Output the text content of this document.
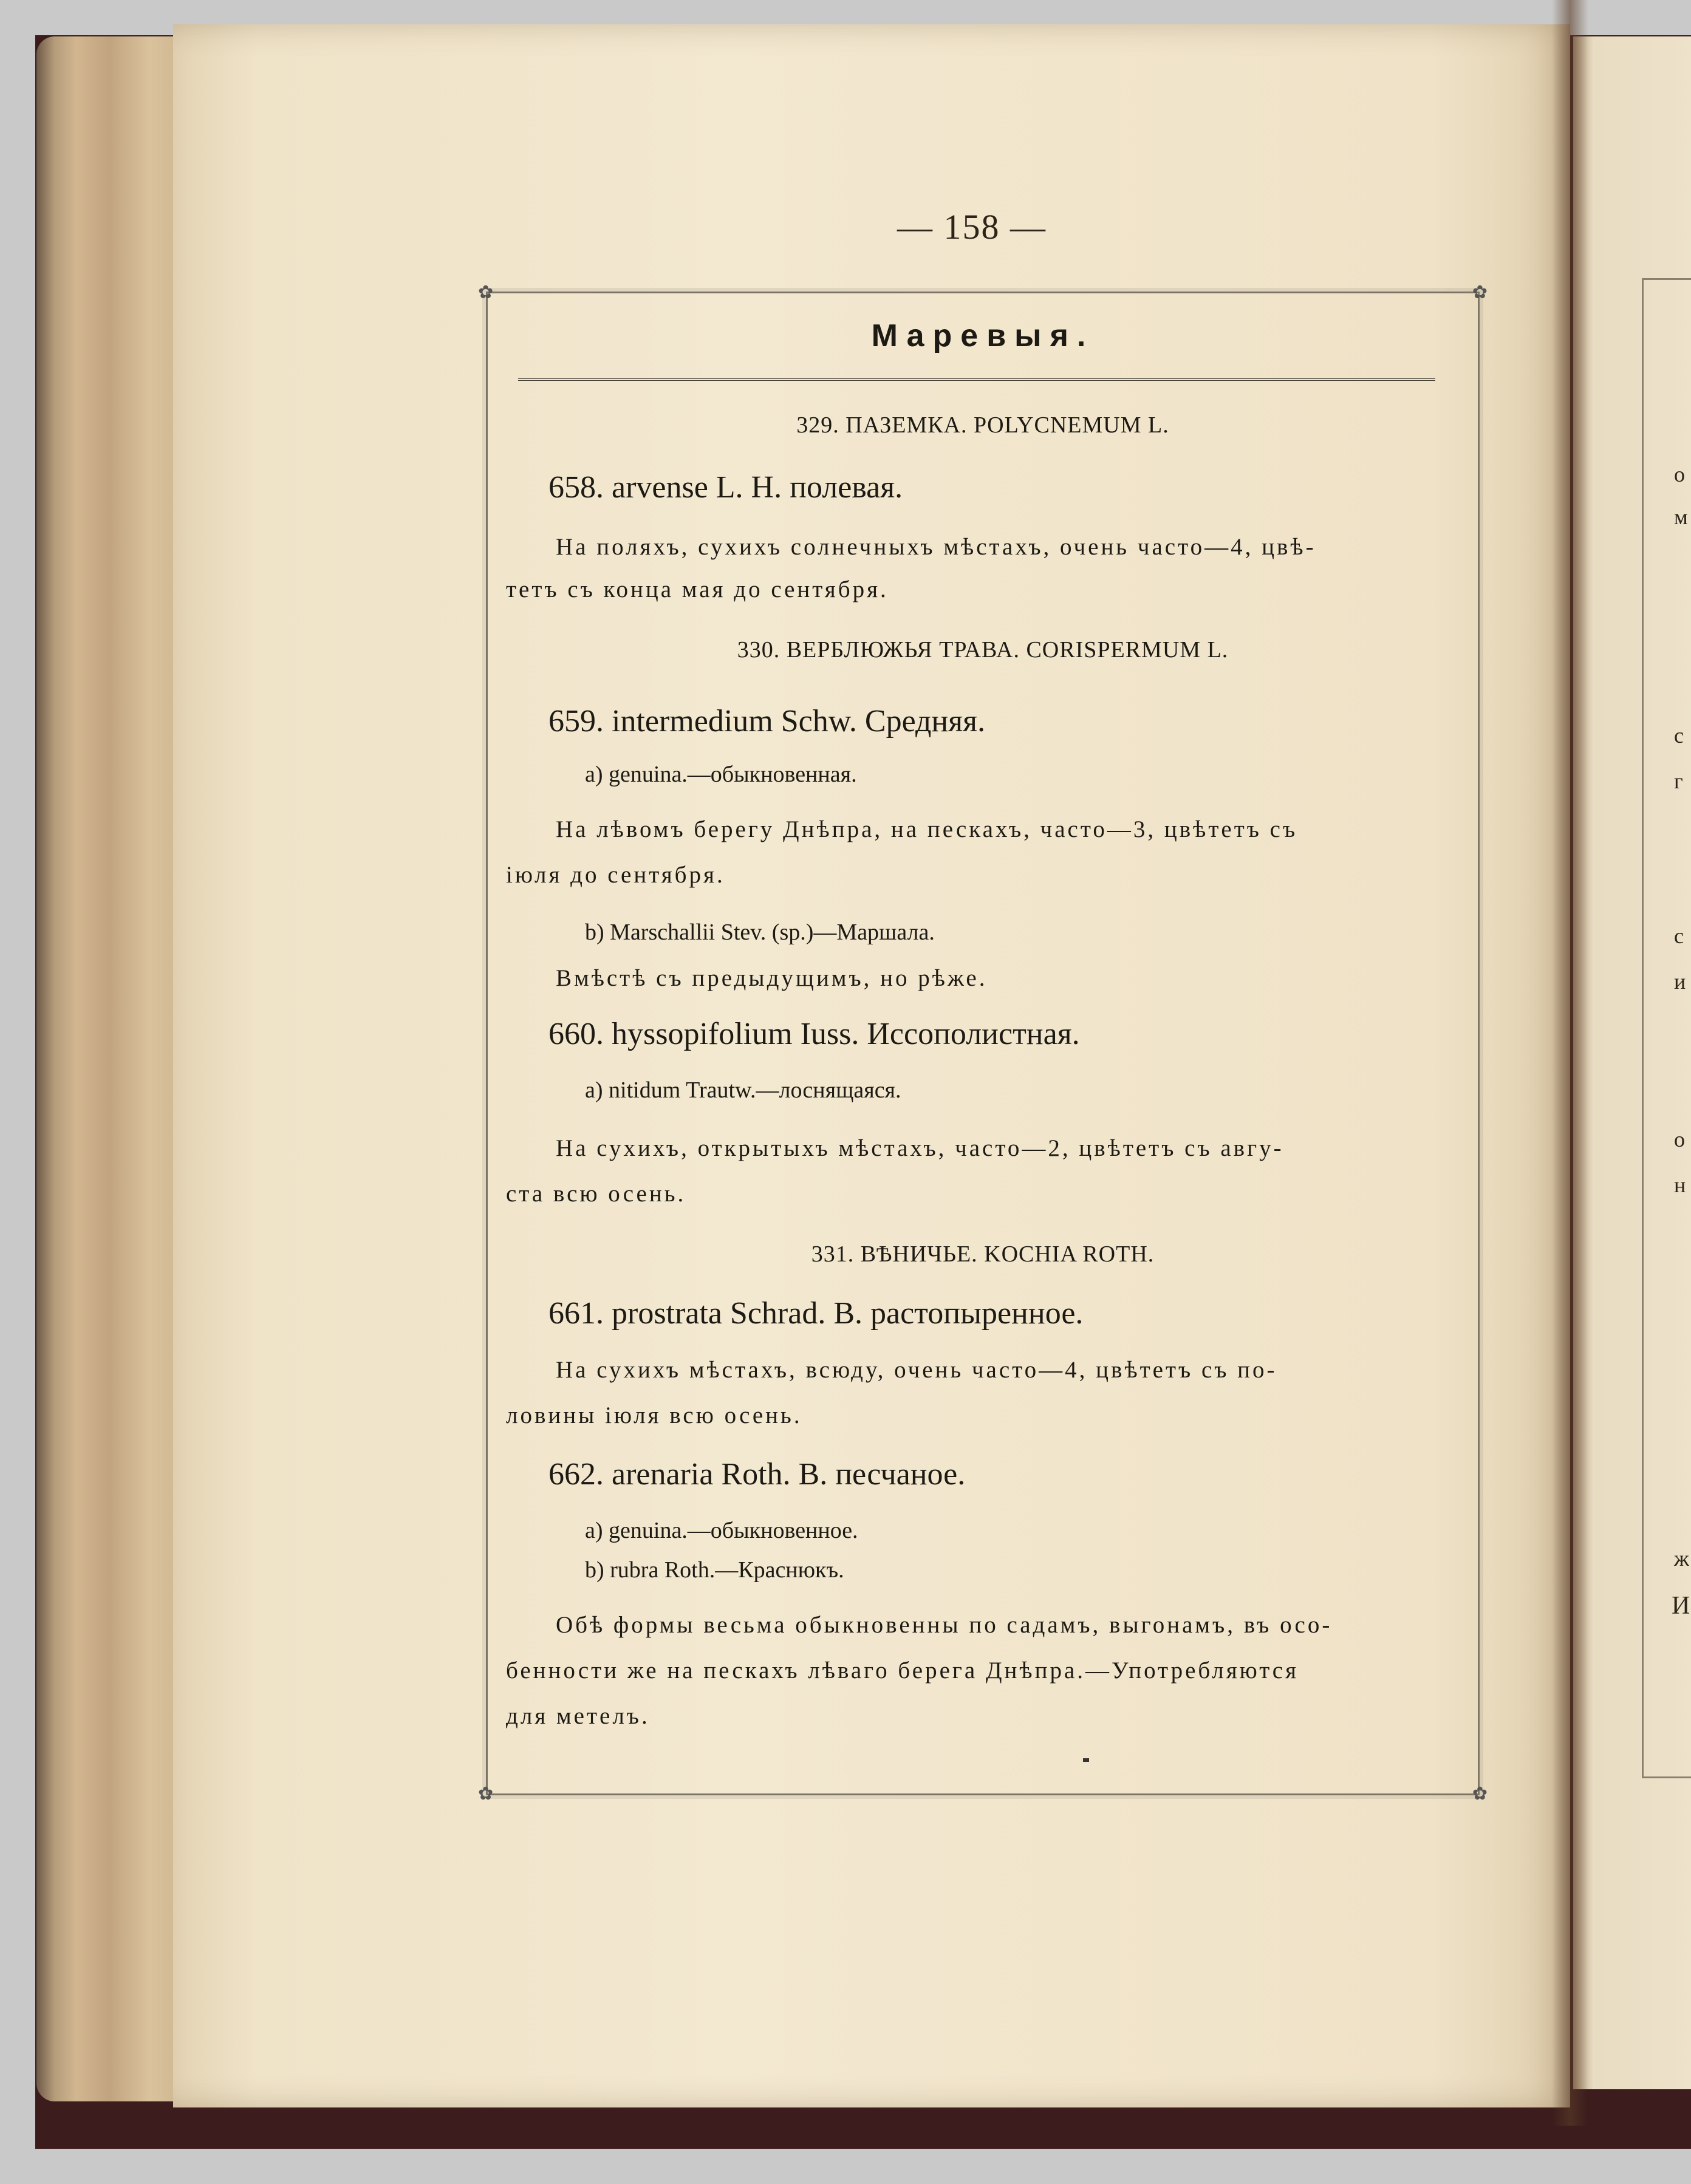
о
м
с
г
с
и
о
н
ж
И
— 158 —
✿	✿
✿	✿
Маревыя.
329. ПАЗЕМКА. POLYCNEMUM L.
658. arvense L. H. полевая.
На поляхъ, сухихъ солнечныхъ мѣстахъ, очень часто—4, цвѣ-
тетъ съ конца мая до сентября.
330. ВЕРБЛЮЖЬЯ ТРАВА. CORISPERMUM L.
659. intermedium Schw. Средняя.
a) genuina.—обыкновенная.
На лѣвомъ берегу Днѣпра, на пескахъ, часто—3, цвѣтетъ съ
іюля до сентября.
b) Marschallii Stev. (sp.)—Маршала.
Вмѣстѣ съ предыдущимъ, но рѣже.
660. hyssopifolium Iuss. Иссополистная.
a) nitidum Trautw.—лоснящаяся.
На сухихъ, открытыхъ мѣстахъ, часто—2, цвѣтетъ съ авгу-
ста всю осень.
331. ВѢНИЧЬЕ. KOCHIA ROTH.
661. prostrata Schrad. B. растопыренное.
На сухихъ мѣстахъ, всюду, очень часто—4, цвѣтетъ съ по-
ловины іюля всю осень.
662. arenaria Roth. B. песчаное.
a) genuina.—обыкновенное.
b) rubra Roth.—Краснюкъ.
Обѣ формы весьма обыкновенны по садамъ, выгонамъ, въ осо-
бенности же на пескахъ лѣваго берега Днѣпра.—Употребляются
для метелъ.
